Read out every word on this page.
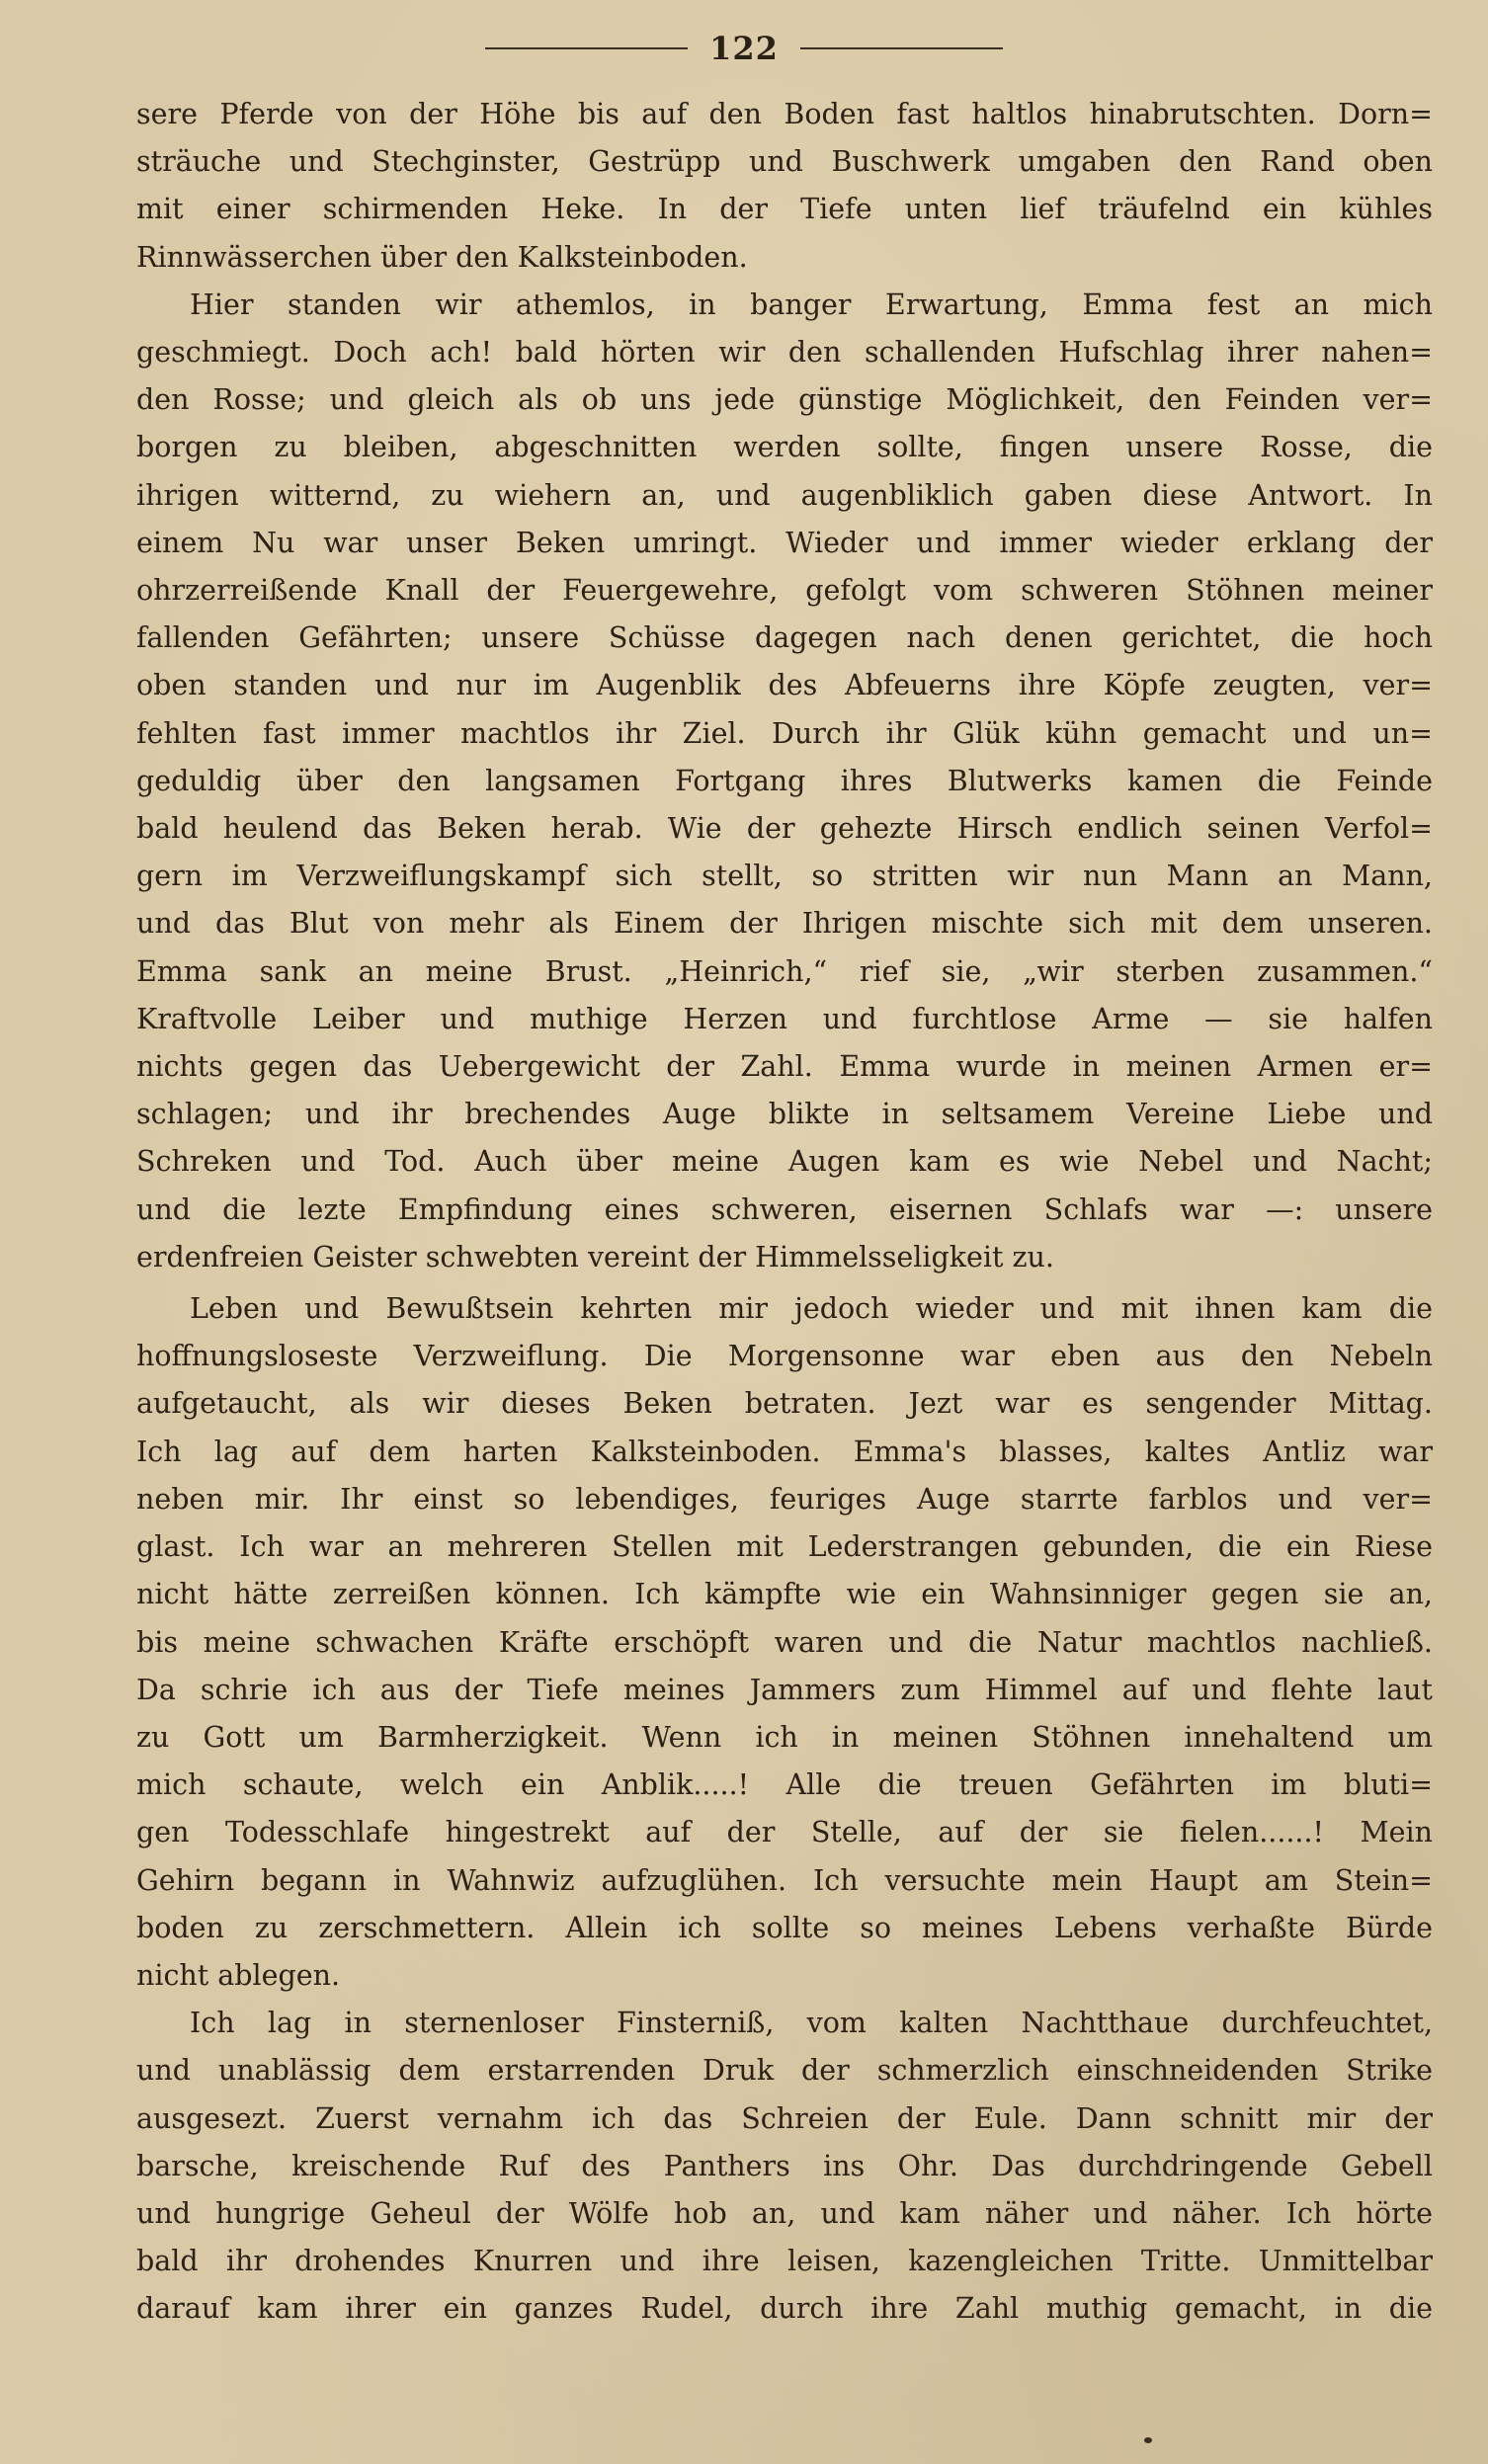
122
sere Pferde von der Höhe bis auf den Boden fast haltlos hinabrutschten. Dorn=
sträuche und Stechginster, Gestrüpp und Buschwerk umgaben den Rand oben
mit einer schirmenden Heke. In der Tiefe unten lief träufelnd ein kühles
Rinnwässerchen über den Kalksteinboden.
Hier standen wir athemlos, in banger Erwartung, Emma fest an mich
geschmiegt. Doch ach! bald hörten wir den schallenden Hufschlag ihrer nahen=
den Rosse; und gleich als ob uns jede günstige Möglichkeit, den Feinden ver=
borgen zu bleiben, abgeschnitten werden sollte, fingen unsere Rosse, die
ihrigen witternd, zu wiehern an, und augenbliklich gaben diese Antwort. In
einem Nu war unser Beken umringt. Wieder und immer wieder erklang der
ohrzerreißende Knall der Feuergewehre, gefolgt vom schweren Stöhnen meiner
fallenden Gefährten; unsere Schüsse dagegen nach denen gerichtet, die hoch
oben standen und nur im Augenblik des Abfeuerns ihre Köpfe zeugten, ver=
fehlten fast immer machtlos ihr Ziel. Durch ihr Glük kühn gemacht und un=
geduldig über den langsamen Fortgang ihres Blutwerks kamen die Feinde
bald heulend das Beken herab. Wie der gehezte Hirsch endlich seinen Verfol=
gern im Verzweiflungskampf sich stellt, so stritten wir nun Mann an Mann,
und das Blut von mehr als Einem der Ihrigen mischte sich mit dem unseren.
Emma sank an meine Brust. „Heinrich,“ rief sie, „wir sterben zusammen.“
Kraftvolle Leiber und muthige Herzen und furchtlose Arme — sie halfen
nichts gegen das Uebergewicht der Zahl. Emma wurde in meinen Armen er=
schlagen; und ihr brechendes Auge blikte in seltsamem Vereine Liebe und
Schreken und Tod. Auch über meine Augen kam es wie Nebel und Nacht;
und die lezte Empfindung eines schweren, eisernen Schlafs war —: unsere
erdenfreien Geister schwebten vereint der Himmelsseligkeit zu.
Leben und Bewußtsein kehrten mir jedoch wieder und mit ihnen kam die
hoffnungsloseste Verzweiflung. Die Morgensonne war eben aus den Nebeln
aufgetaucht, als wir dieses Beken betraten. Jezt war es sengender Mittag.
Ich lag auf dem harten Kalksteinboden. Emma's blasses, kaltes Antliz war
neben mir. Ihr einst so lebendiges, feuriges Auge starrte farblos und ver=
glast. Ich war an mehreren Stellen mit Lederstrangen gebunden, die ein Riese
nicht hätte zerreißen können. Ich kämpfte wie ein Wahnsinniger gegen sie an,
bis meine schwachen Kräfte erschöpft waren und die Natur machtlos nachließ.
Da schrie ich aus der Tiefe meines Jammers zum Himmel auf und flehte laut
zu Gott um Barmherzigkeit. Wenn ich in meinen Stöhnen innehaltend um
mich schaute, welch ein Anblik.....! Alle die treuen Gefährten im bluti=
gen Todesschlafe hingestrekt auf der Stelle, auf der sie fielen......! Mein
Gehirn begann in Wahnwiz aufzuglühen. Ich versuchte mein Haupt am Stein=
boden zu zerschmettern. Allein ich sollte so meines Lebens verhaßte Bürde
nicht ablegen.
Ich lag in sternenloser Finsterniß, vom kalten Nachtthaue durchfeuchtet,
und unablässig dem erstarrenden Druk der schmerzlich einschneidenden Strike
ausgesezt. Zuerst vernahm ich das Schreien der Eule. Dann schnitt mir der
barsche, kreischende Ruf des Panthers ins Ohr. Das durchdringende Gebell
und hungrige Geheul der Wölfe hob an, und kam näher und näher. Ich hörte
bald ihr drohendes Knurren und ihre leisen, kazengleichen Tritte. Unmittelbar
darauf kam ihrer ein ganzes Rudel, durch ihre Zahl muthig gemacht, in die
